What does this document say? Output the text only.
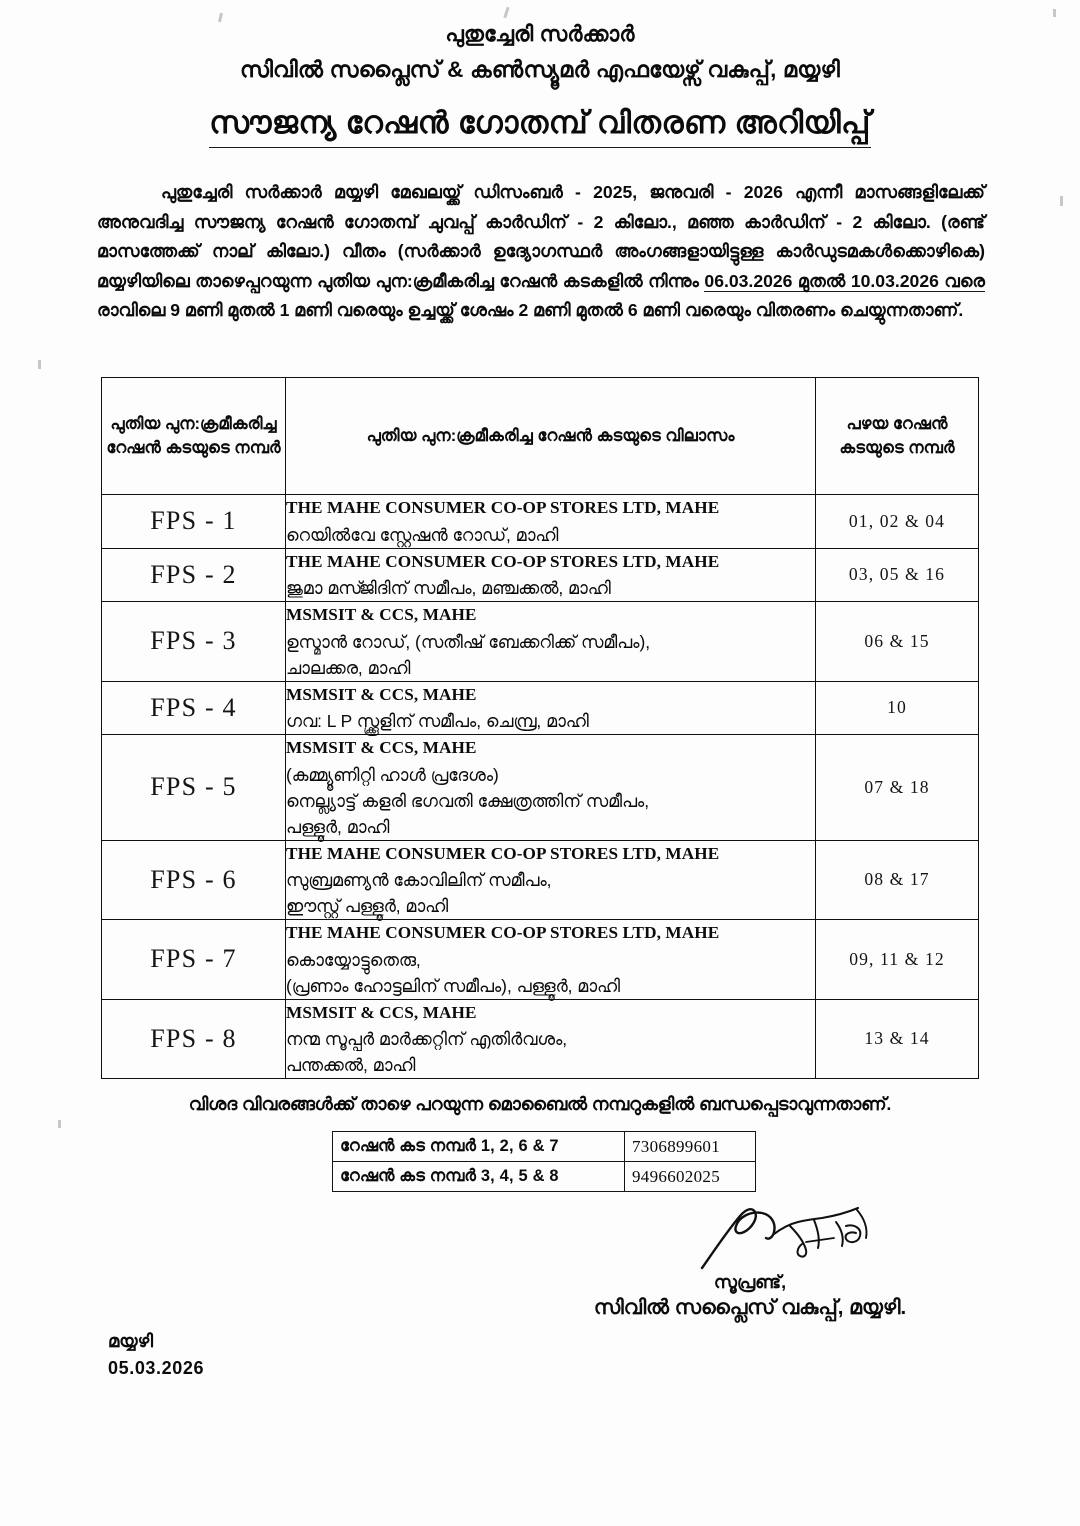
പുതുച്ചേരി സർക്കാർ
സിവിൽ സപ്ലൈസ് & കൺസ്യൂമർ എഫയേഴ്സ് വകുപ്പ്, മയ്യഴി
സൗജന്യ റേഷൻ ഗോതമ്പ് വിതരണ അറിയിപ്പ്
പുതുച്ചേരി സർക്കാർ മയ്യഴി മേഖലയ്ക്ക് ഡിസംബർ - 2025, ജനുവരി - 2026 എന്നീ മാസങ്ങളിലേക്ക് അനുവദിച്ച സൗജന്യ റേഷൻ ഗോതമ്പ് ചുവപ്പ് കാർഡിന് - 2 കിലോ., മഞ്ഞ കാർഡിന് - 2 കിലോ. (രണ്ട് മാസത്തേക്ക് നാല് കിലോ.) വീതം (സർക്കാർ ഉദ്യോഗസ്ഥർ അംഗങ്ങളായിട്ടുള്ള കാർഡുടമകൾക്കൊഴികെ) മയ്യഴിയിലെ താഴെപ്പറയുന്ന പുതിയ പുന:ക്രമീകരിച്ച റേഷൻ കടകളിൽ നിന്നും 06.03.2026 മുതൽ 10.03.2026 വരെ രാവിലെ 9 മണി മുതൽ 1 മണി വരെയും ഉച്ചയ്ക്ക് ശേഷം 2 മണി മുതൽ 6 മണി വരെയും വിതരണം ചെയ്യുന്നതാണ്.
പുതിയ പുന:ക്രമീകരിച്ച റേഷൻ കടയുടെ നമ്പർ	പുതിയ പുന:ക്രമീകരിച്ച റേഷൻ കടയുടെ വിലാസം	പഴയ റേഷൻ കടയുടെ നമ്പർ
FPS - 1	THE MAHE CONSUMER CO-OP STORES LTD, MAHE
റെയിൽവേ സ്റ്റേഷൻ റോഡ്, മാഹി	01, 02 & 04
FPS - 2	THE MAHE CONSUMER CO-OP STORES LTD, MAHE
ജുമാ മസ്ജിദിന് സമീപം, മഞ്ചക്കൽ, മാഹി	03, 05 & 16
FPS - 3	MSMSIT & CCS, MAHE
ഉസ്മാൻ റോഡ്, (സതീഷ് ബേക്കറിക്ക് സമീപം),
ചാലക്കര, മാഹി	06 & 15
FPS - 4	MSMSIT & CCS, MAHE
ഗവ: L P സ്ക്കൂളിന് സമീപം, ചെമ്പ്ര, മാഹി	10
FPS - 5	MSMSIT & CCS, MAHE
(കമ്മ്യൂണിറ്റി ഹാൾ പ്രദേശം)
നെല്ല്യാട്ട് കളരി ഭഗവതി ക്ഷേത്രത്തിന് സമീപം,
പള്ളൂർ, മാഹി	07 & 18
FPS - 6	THE MAHE CONSUMER CO-OP STORES LTD, MAHE
സുബ്രമണ്യൻ കോവിലിന് സമീപം,
ഈസ്റ്റ് പള്ളൂർ, മാഹി	08 & 17
FPS - 7	THE MAHE CONSUMER CO-OP STORES LTD, MAHE
കൊയ്യോട്ടുതെരു,
(പ്രണാം ഹോട്ടലിന് സമീപം), പള്ളൂർ, മാഹി	09, 11 & 12
FPS - 8	MSMSIT & CCS, MAHE
നന്മ സൂപ്പർ മാർക്കറ്റിന് എതിർവശം,
പന്തക്കൽ, മാഹി	13 & 14
വിശദ വിവരങ്ങൾക്ക് താഴെ പറയുന്ന മൊബൈൽ നമ്പറുകളിൽ ബന്ധപ്പെടാവുന്നതാണ്.
റേഷൻ കട നമ്പർ 1, 2, 6 & 7	7306899601
റേഷൻ കട നമ്പർ 3, 4, 5 & 8	9496602025
സൂപ്രണ്ട്,
സിവിൽ സപ്ലൈസ് വകുപ്പ്, മയ്യഴി.
മയ്യഴി
05.03.2026
